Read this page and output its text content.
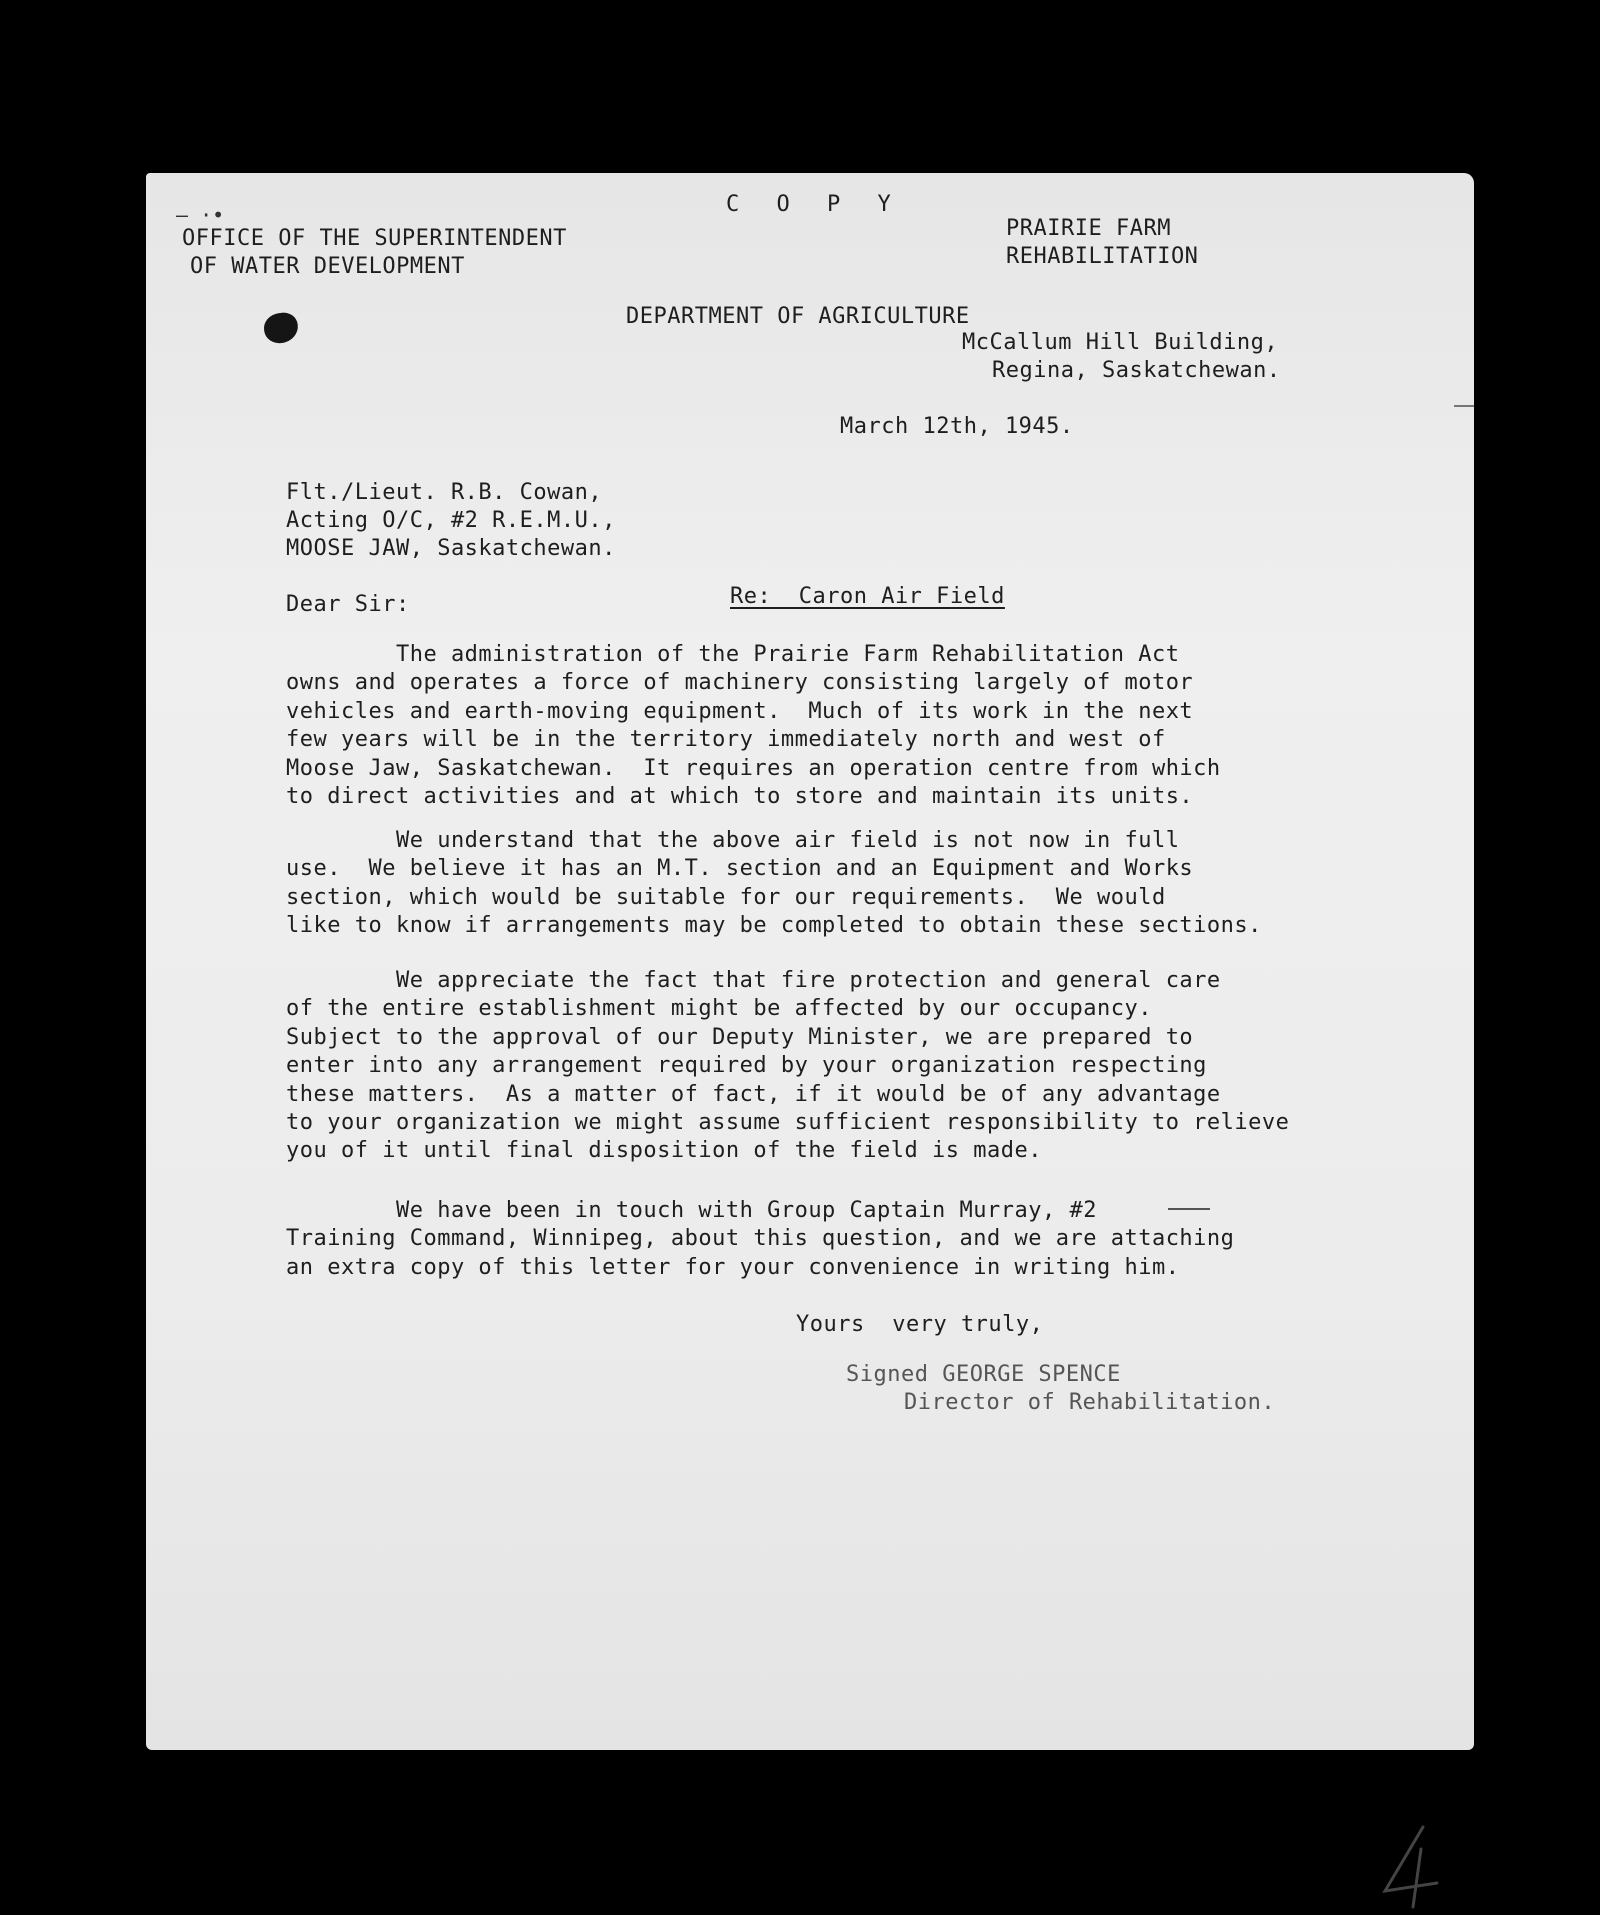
— ·•	C O P Y
OFFICE OF THE SUPERINTENDENT
OF WATER DEVELOPMENT
PRAIRIE FARM
REHABILITATION
DEPARTMENT OF AGRICULTURE
McCallum Hill Building,
Regina, Saskatchewan.
March 12th, 1945.
Flt./Lieut. R.B. Cowan,
Acting O/C, #2 R.E.M.U.,
MOOSE JAW, Saskatchewan.
Dear Sir:	Re:  Caron Air Field
The administration of the Prairie Farm Rehabilitation Act
owns and operates a force of machinery consisting largely of motor
vehicles and earth-moving equipment.  Much of its work in the next
few years will be in the territory immediately north and west of
Moose Jaw, Saskatchewan.  It requires an operation centre from which
to direct activities and at which to store and maintain its units.
We understand that the above air field is not now in full
use.  We believe it has an M.T. section and an Equipment and Works
section, which would be suitable for our requirements.  We would
like to know if arrangements may be completed to obtain these sections.
We appreciate the fact that fire protection and general care
of the entire establishment might be affected by our occupancy.
Subject to the approval of our Deputy Minister, we are prepared to
enter into any arrangement required by your organization respecting
these matters.  As a matter of fact, if it would be of any advantage
to your organization we might assume sufficient responsibility to relieve
you of it until final disposition of the field is made.
We have been in touch with Group Captain Murray, #2
Training Command, Winnipeg, about this question, and we are attaching
an extra copy of this letter for your convenience in writing him.
Yours  very truly,
Signed GEORGE SPENCE
Director of Rehabilitation.
